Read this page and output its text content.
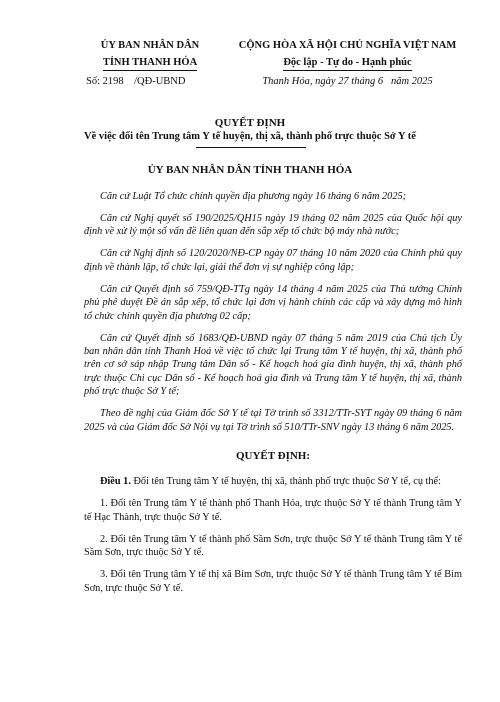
ỦY BAN NHÂN DÂN
TỈNH THANH HÓA
Số: 2198 /QĐ-UBND
CỘNG HÒA XÃ HỘI CHỦ NGHĨA VIỆT NAM
Độc lập - Tự do - Hạnh phúc
Thanh Hóa, ngày 27 tháng 6 năm 2025
QUYẾT ĐỊNH
Về việc đổi tên Trung tâm Y tế huyện, thị xã, thành phố trực thuộc Sở Y tế
ỦY BAN NHÂN DÂN TỈNH THANH HÓA

Căn cứ Luật Tổ chức chính quyền địa phương ngày 16 tháng 6 năm 2025;

Căn cứ Nghị quyết số 190/2025/QH15 ngày 19 tháng 02 năm 2025 của Quốc hội quy định về xử lý một số vấn đề liên quan đến sắp xếp tổ chức bộ máy nhà nước;

Căn cứ Nghị định số 120/2020/NĐ-CP ngày 07 tháng 10 năm 2020 của Chính phủ quy định về thành lập, tổ chức lại, giải thể đơn vị sự nghiệp công lập;

Căn cứ Quyết định số 759/QĐ-TTg ngày 14 tháng 4 năm 2025 của Thủ tướng Chính phủ phê duyệt Đề án sắp xếp, tổ chức lại đơn vị hành chính các cấp và xây dựng mô hình tổ chức chính quyền địa phương 02 cấp;

Căn cứ Quyết định số 1683/QĐ-UBND ngày 07 tháng 5 năm 2019 của Chủ tịch Ủy ban nhân dân tỉnh Thanh Hoá về việc tổ chức lại Trung tâm Y tế huyện, thị xã, thành phố trên cơ sở sáp nhập Trung tâm Dân số - Kế hoạch hoá gia đình huyện, thị xã, thành phố trực thuộc Chi cục Dân số - Kế hoạch hoá gia đình và Trung tâm Y tế huyện, thị xã, thành phố trực thuộc Sở Y tế;

Theo đề nghị của Giám đốc Sở Y tế tại Tờ trình số 3312/TTr-SYT ngày 09 tháng 6 năm 2025 và của Giám đốc Sở Nội vụ tại Tờ trình số 510/TTr-SNV ngày 13 tháng 6 năm 2025.

QUYẾT ĐỊNH:

Điều 1. Đổi tên Trung tâm Y tế huyện, thị xã, thành phố trực thuộc Sở Y tế, cụ thể:

1. Đổi tên Trung tâm Y tế thành phố Thanh Hóa, trực thuộc Sở Y tế thành Trung tâm Y tế Hạc Thành, trực thuộc Sở Y tế.

2. Đổi tên Trung tâm Y tế thành phố Sầm Sơn, trực thuộc Sở Y tế thành Trung tâm Y tế Sầm Sơn, trực thuộc Sở Y tế.

3. Đổi tên Trung tâm Y tế thị xã Bỉm Sơn, trực thuộc Sở Y tế thành Trung tâm Y tế Bỉm Sơn, trực thuộc Sở Y tế.
